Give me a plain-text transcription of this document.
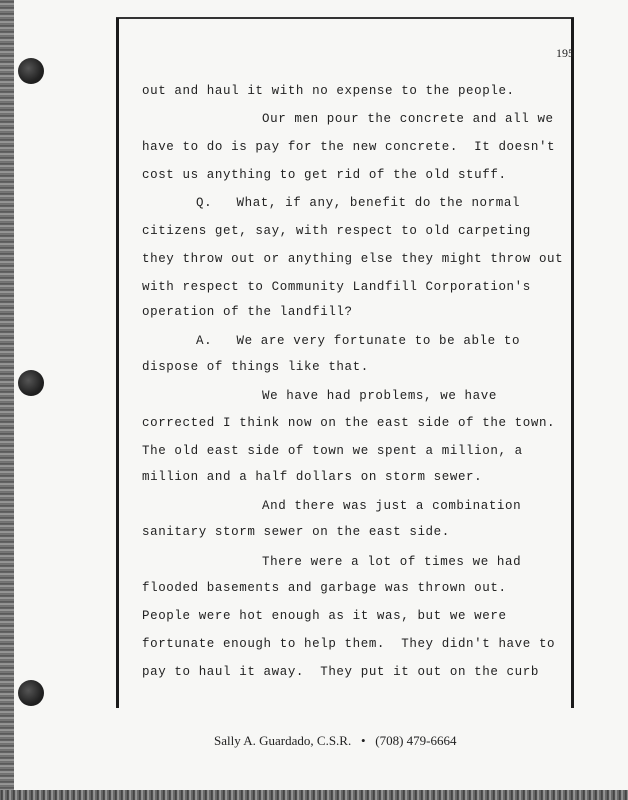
195
out and haul it with no expense to the people.
Our men pour the concrete and all we
have to do is pay for the new concrete.  It doesn't
cost us anything to get rid of the old stuff.
Q.   What, if any, benefit do the normal
citizens get, say, with respect to old carpeting
they throw out or anything else they might throw out
with respect to Community Landfill Corporation's
operation of the landfill?
A.   We are very fortunate to be able to
dispose of things like that.
We have had problems, we have
corrected I think now on the east side of the town.
The old east side of town we spent a million, a
million and a half dollars on storm sewer.
And there was just a combination
sanitary storm sewer on the east side.
There were a lot of times we had
flooded basements and garbage was thrown out.
People were hot enough as it was, but we were
fortunate enough to help them.  They didn't have to
pay to haul it away.  They put it out on the curb
Sally A. Guardado, C.S.R.   •   (708) 479-6664
